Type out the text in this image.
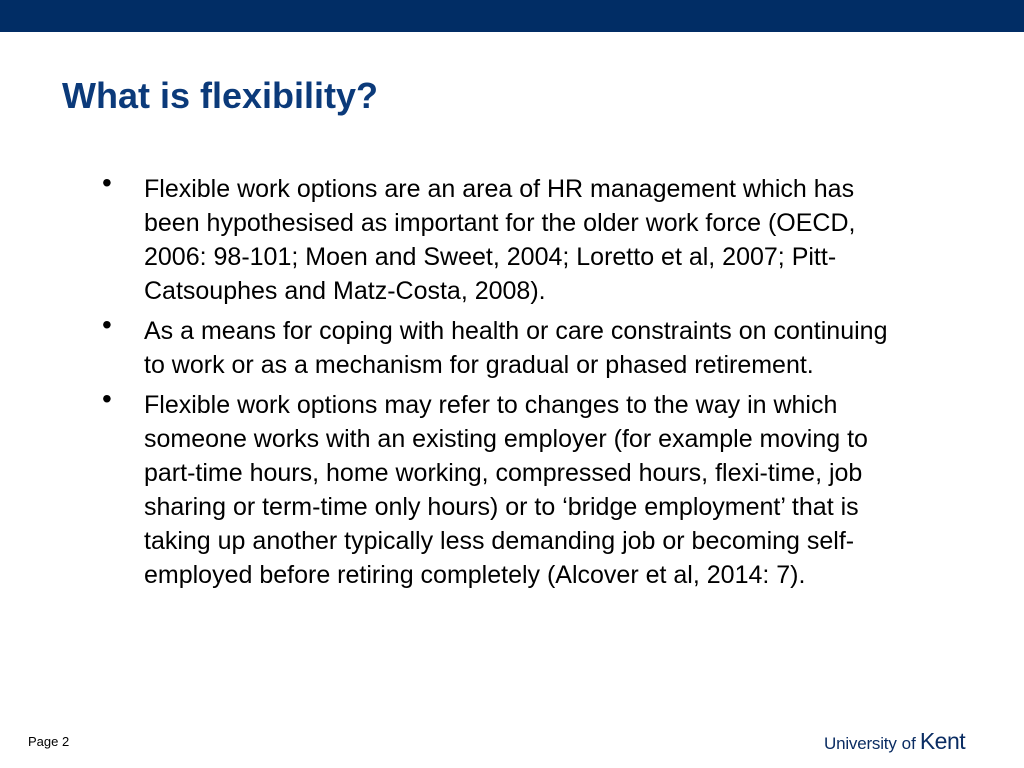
What is flexibility?
•	Flexible work options are an area of HR management which has been hypothesised as important for the older work force (OECD, 2006: 98-101; Moen and Sweet, 2004; Loretto et al, 2007; Pitt-Catsouphes and Matz-Costa, 2008).
•	As a means for coping with health or care constraints on continuing to work or as a mechanism for gradual or phased retirement.
•	Flexible work options may refer to changes to the way in which someone works with an existing employer (for example moving to part-time hours, home working, compressed hours, flexi-time, job sharing or term-time only hours) or to ‘bridge employment’ that is taking up another typically less demanding job or becoming self-employed before retiring completely (Alcover et al, 2014: 7).
Page 2	University of Kent
